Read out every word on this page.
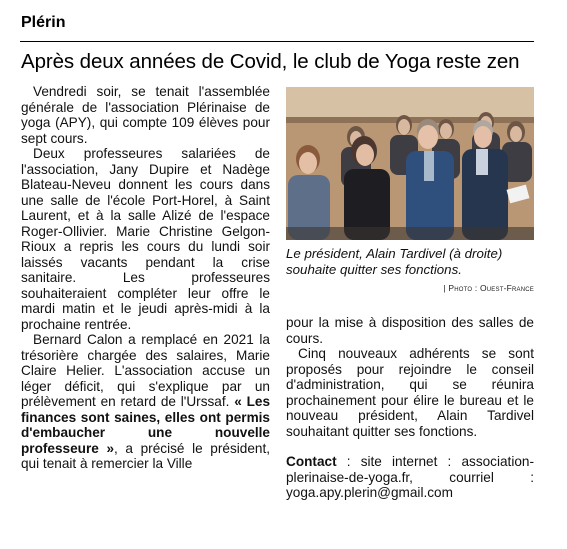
Plérin
Après deux années de Covid, le club de Yoga reste zen

Vendredi soir, se tenait l'assemblée générale de l'association Plérinaise de yoga (APY), qui compte 109 élèves pour sept cours.

Deux professeures salariées de l'association, Jany Dupire et Nadège Blateau-Neveu donnent les cours dans une salle de l'école Port-Horel, à Saint Laurent, et à la salle Alizé de l'espace Roger-Ollivier. Marie Christine Gelgon-Rioux a repris les cours du lundi soir laissés vacants pendant la crise sanitaire. Les professeures souhaiteraient compléter leur offre le mardi matin et le jeudi après-midi à la prochaine rentrée.

Bernard Calon a remplacé en 2021 la trésorière chargée des salaires, Marie Claire Helier. L'association accuse un léger déficit, qui s'explique par un prélèvement en retard de l'Urssaf. « Les finances sont saines, elles ont permis d'embaucher une nouvelle professeure », a précisé le président, qui tenait à remercier la Ville

Le président, Alain Tardivel (à droite) souhaite quitter ses fonctions.
| Photo : Ouest-France

pour la mise à disposition des salles de cours.

Cinq nouveaux adhérents se sont proposés pour rejoindre le conseil d'administration, qui se réunira prochainement pour élire le bureau et le nouveau président, Alain Tardivel souhaitant quitter ses fonctions.

Contact : site internet : association-plerinaise-de-yoga.fr, courriel : yoga.apy.plerin@gmail.com
